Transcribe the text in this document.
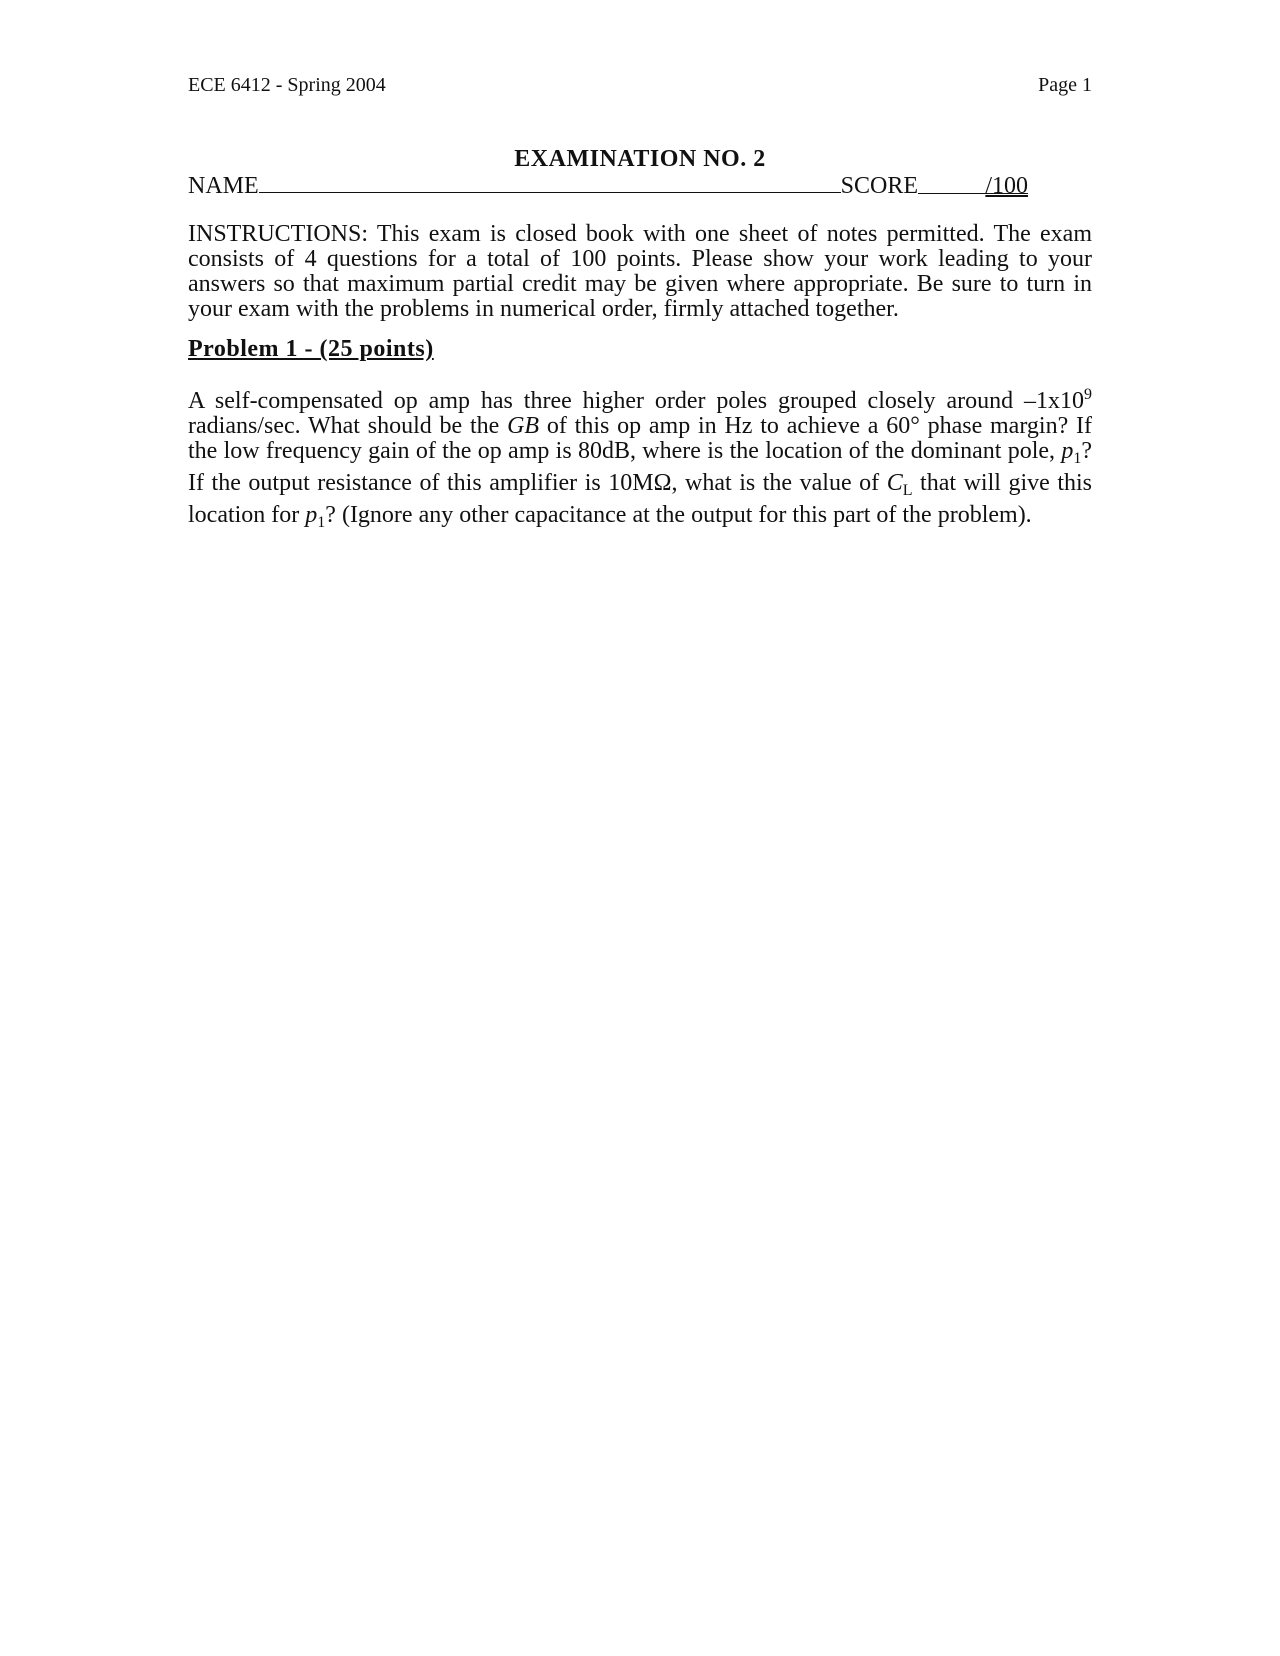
ECE 6412 - Spring 2004	Page 1
EXAMINATION NO. 2
NAME	SCORE	/100

INSTRUCTIONS: This exam is closed book with one sheet of notes permitted. The exam consists of 4 questions for a total of 100 points. Please show your work leading to your answers so that maximum partial credit may be given where appropriate. Be sure to turn in your exam with the problems in numerical order, firmly attached together.

Problem 1 - (25 points)

A self-compensated op amp has three higher order poles grouped closely around $-1x10^9$ radians/sec. What should be the GB of this op amp in Hz to achieve a 60° phase margin? If the low frequency gain of the op amp is 80dB, where is the location of the dominant pole, $p_1$? If the output resistance of this amplifier is 10MΩ, what is the value of $C_L$ that will give this location for $p_1$? (Ignore any other capacitance at the output for this part of the problem).
